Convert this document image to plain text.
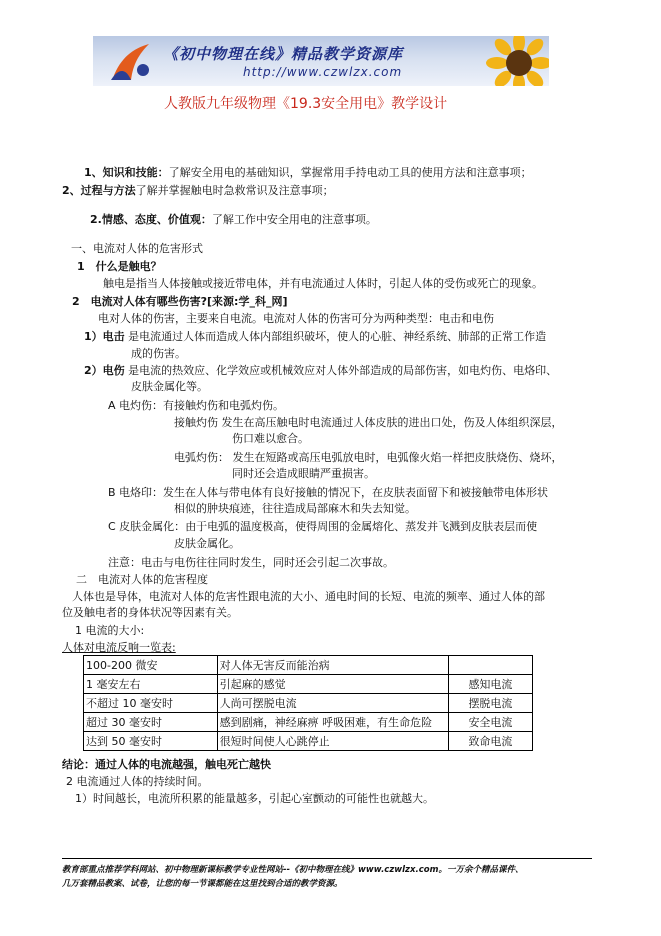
《初中物理在线》精品教学资源库
http://www.czwlzx.com
人教版九年级物理《19.3安全用电》教学设计
1、知识和技能：了解安全用电的基础知识，掌握常用手持电动工具的使用方法和注意事项；
2、过程与方法了解并掌握触电时急救常识及注意事项；
2.情感、态度、价值观：了解工作中安全用电的注意事项。
一、电流对人体的危害形式
1　什么是触电？
触电是指当人体接触或接近带电体，并有电流通过人体时，引起人体的受伤或死亡的现象。
2　电流对人体有哪些伤害?[来源:学_科_网]
电对人体的伤害，主要来自电流。电流对人体的伤害可分为两种类型：电击和电伤
1）电击 是电流通过人体而造成人体内部组织破坏，使人的心脏、神经系统、肺部的正常工作造
成的伤害。
2）电伤 是电流的热效应、化学效应或机械效应对人体外部造成的局部伤害，如电灼伤、电烙印、
皮肤金属化等。
A 电灼伤：有接触灼伤和电弧灼伤。
接触灼伤 发生在高压触电时电流通过人体皮肤的进出口处，伤及人体组织深层，
伤口难以愈合。
电弧灼伤： 发生在短路或高压电弧放电时，电弧像火焰一样把皮肤烧伤、烧坏，
同时还会造成眼睛严重损害。
B 电烙印：发生在人体与带电体有良好接触的情况下，在皮肤表面留下和被接触带电体形状
相似的肿块痕迹，往往造成局部麻木和失去知觉。
C 皮肤金属化：由于电弧的温度极高，使得周围的金属熔化、蒸发并飞溅到皮肤表层而使
皮肤金属化。
注意：电击与电伤往往同时发生，同时还会引起二次事故。
二　电流对人体的危害程度
人体也是导体，电流对人体的危害性跟电流的大小、通电时间的长短、电流的频率、通过人体的部
位及触电者的身体状况等因素有关。
1 电流的大小:
人体对电流反响一览表:
100-200 微安	对人体无害反而能治病	
1 毫安左右	引起麻的感觉	感知电流
不超过 10 毫安时	人尚可摆脱电流	摆脱电流
超过 30 毫安时	感到剧痛，神经麻痹 呼吸困难，有生命危险	安全电流
达到 50 毫安时	很短时间使人心跳停止	致命电流
结论：通过人体的电流越强，触电死亡越快
2 电流通过人体的持续时间。
1）时间越长，电流所积累的能量越多，引起心室颤动的可能性也就越大。
教育部重点推荐学科网站、初中物理新课标教学专业性网站--《初中物理在线》www.czwlzx.com。一万余个精品课件、
几万套精品教案、试卷，让您的每一节课都能在这里找到合适的教学资源。
